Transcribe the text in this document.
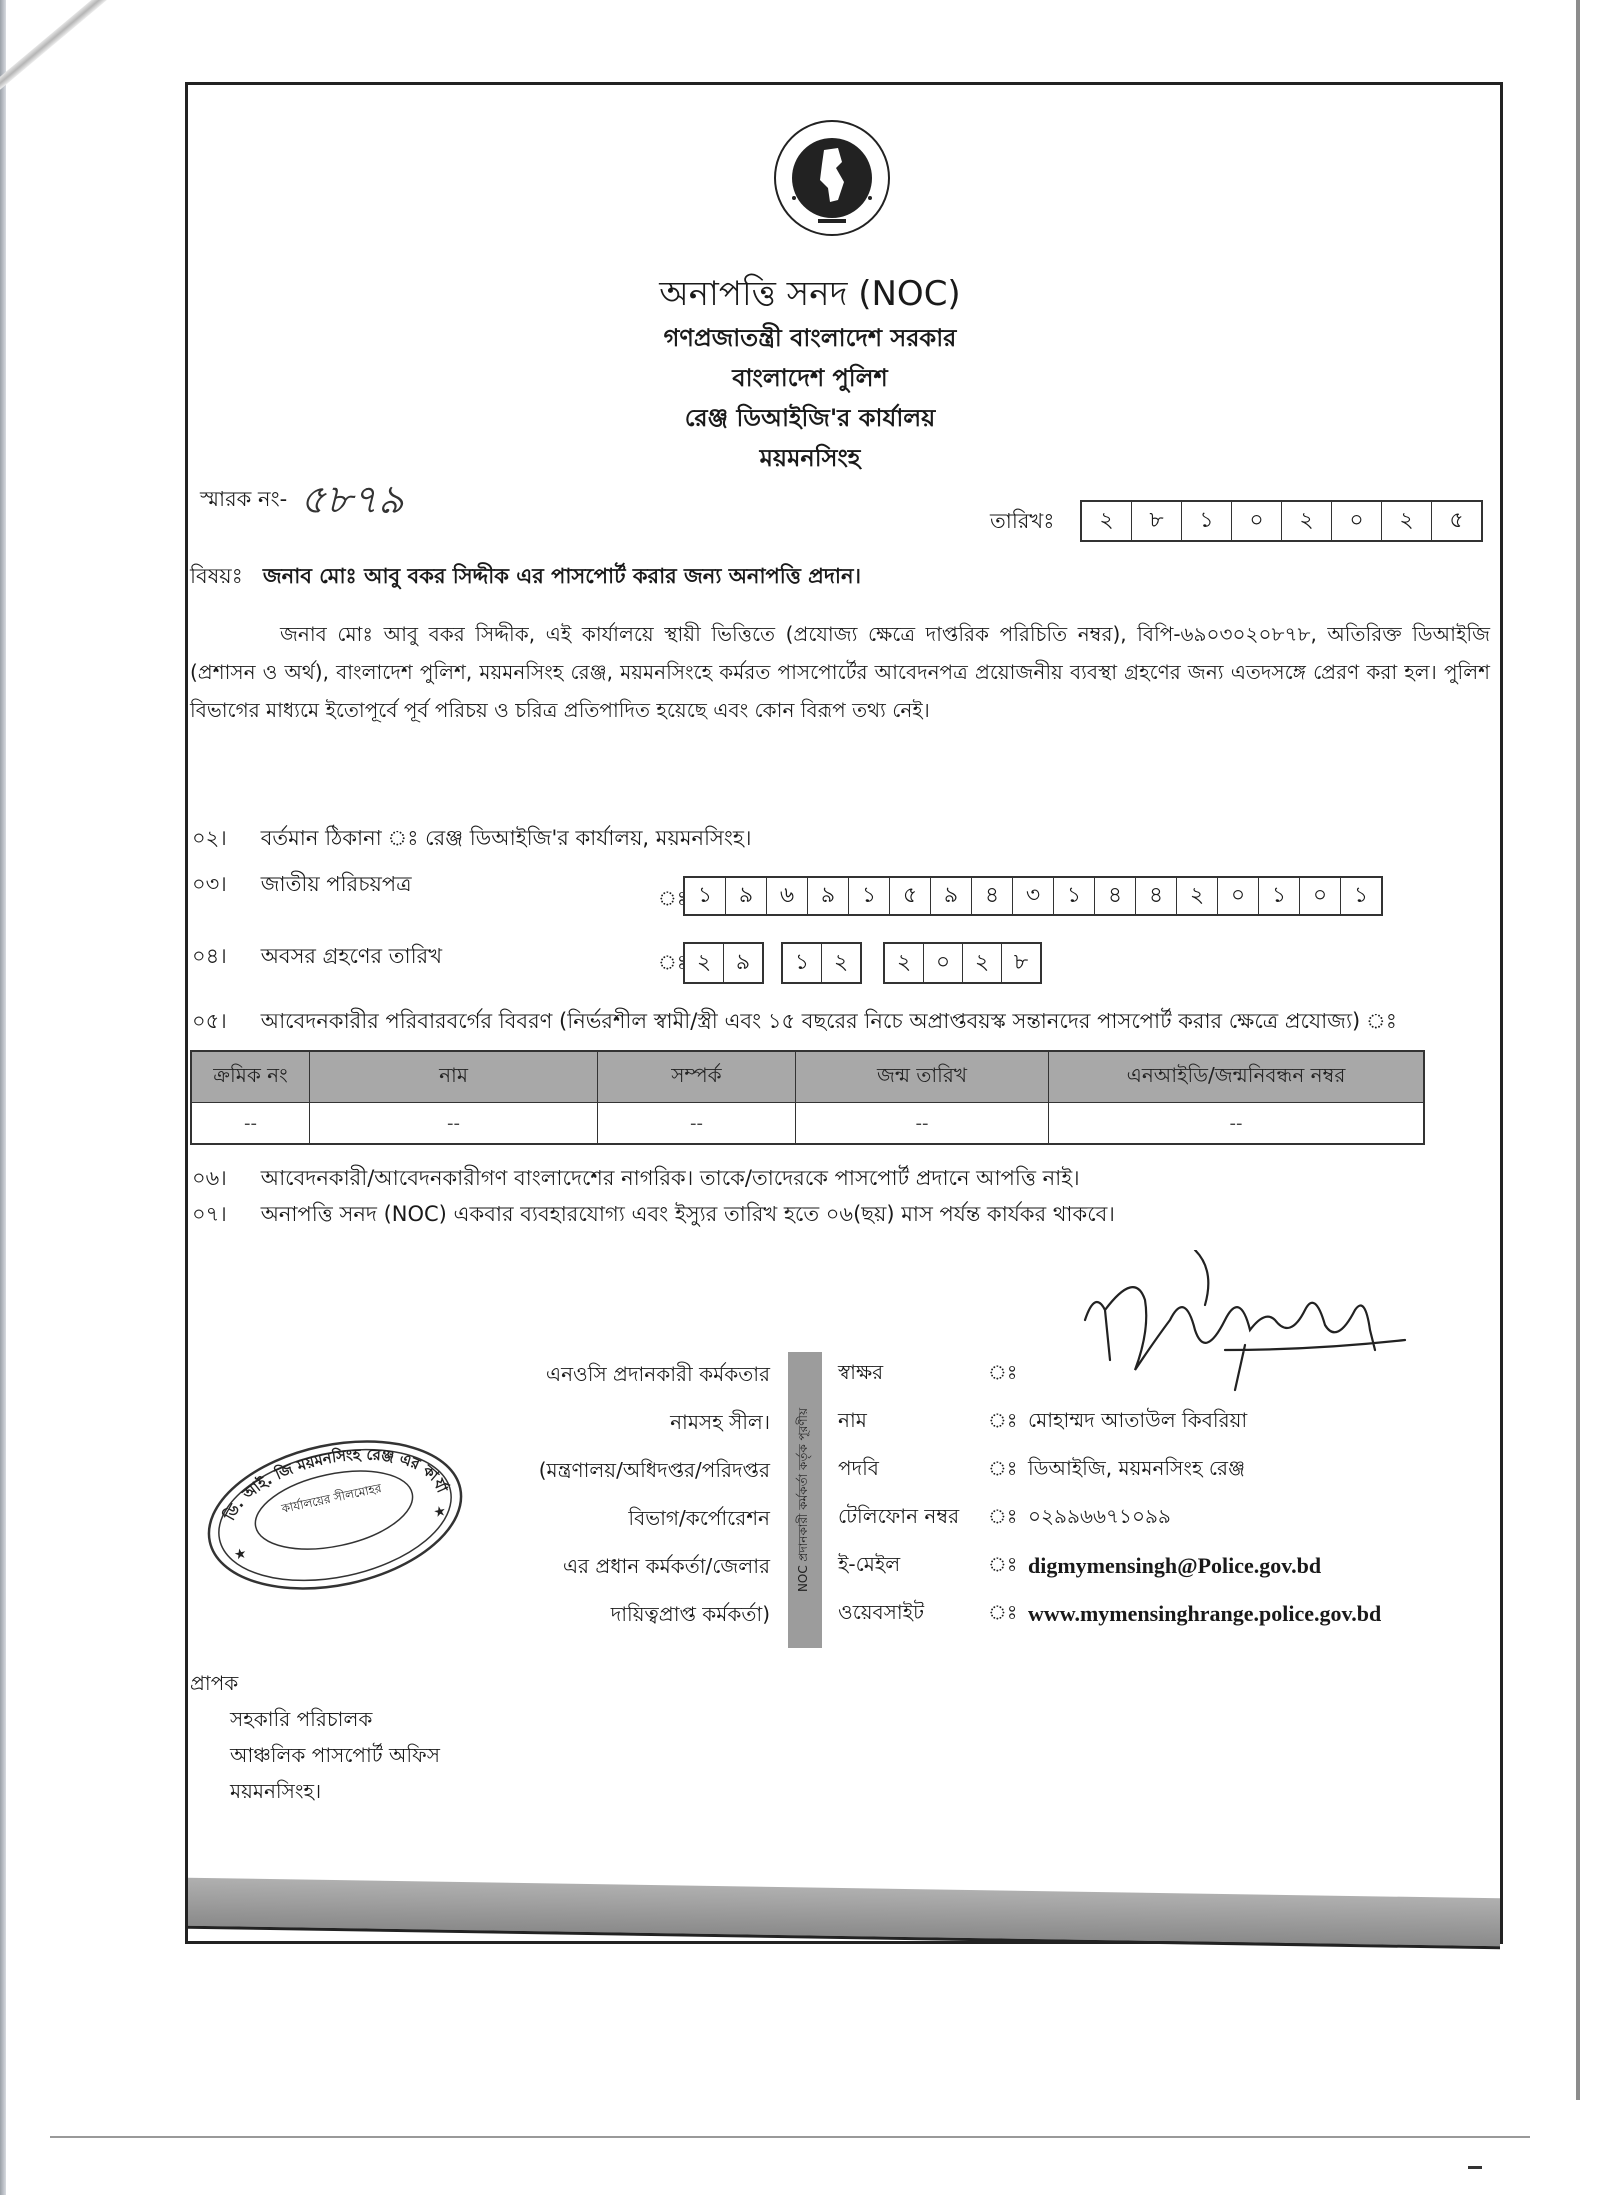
অনাপত্তি সনদ (NOC)
গণপ্রজাতন্ত্রী বাংলাদেশ সরকার
বাংলাদেশ পুলিশ
রেঞ্জ ডিআইজি'র কার্যালয়
ময়মনসিংহ
স্মারক নং- ৫৮৭৯	তারিখঃ	২	৮	১	০	২	০	২	৫
বিষয়ঃ জনাব মোঃ আবু বকর সিদ্দীক এর পাসপোর্ট করার জন্য অনাপত্তি প্রদান।
জনাব মোঃ আবু বকর সিদ্দীক, এই কার্যালয়ে স্থায়ী ভিত্তিতে (প্রযোজ্য ক্ষেত্রে দাপ্তরিক পরিচিতি নম্বর), বিপি-৬৯০৩০২০৮৭৮, অতিরিক্ত ডিআইজি (প্রশাসন ও অর্থ), বাংলাদেশ পুলিশ, ময়মনসিংহ রেঞ্জ, ময়মনসিংহে কর্মরত পাসপোর্টের আবেদনপত্র প্রয়োজনীয় ব্যবস্থা গ্রহণের জন্য এতদসঙ্গে প্রেরণ করা হল। পুলিশ বিভাগের মাধ্যমে ইতোপূর্বে পূর্ব পরিচয় ও চরিত্র প্রতিপাদিত হয়েছে এবং কোন বিরূপ তথ্য নেই।
০২। বর্তমান ঠিকানা ঃ রেঞ্জ ডিআইজি'র কার্যালয়, ময়মনসিংহ।
০৩। জাতীয় পরিচয়পত্র
ঃ ১	৯	৬	৯	১	৫	৯	৪	৩	১	৪	৪	২	০	১	০	১
০৪। অবসর গ্রহণের তারিখ	ঃ ২	৯	১	২	২	০	২	৮
০৫। আবেদনকারীর পরিবারবর্গের বিবরণ (নির্ভরশীল স্বামী/স্ত্রী এবং ১৫ বছরের নিচে অপ্রাপ্তবয়স্ক সন্তানদের পাসপোর্ট করার ক্ষেত্রে প্রযোজ্য) ঃ
ক্রমিক নং	নাম	সম্পর্ক	জন্ম তারিখ	এনআইডি/জন্মনিবন্ধন নম্বর
--	--	--	--	--
০৬। আবেদনকারী/আবেদনকারীগণ বাংলাদেশের নাগরিক। তাকে/তাদেরকে পাসপোর্ট প্রদানে আপত্তি নাই।
০৭। অনাপত্তি সনদ (NOC) একবার ব্যবহারযোগ্য এবং ইস্যুর তারিখ হতে ০৬(ছয়) মাস পর্যন্ত কার্যকর থাকবে।
ডি. আই. জি ময়মনসিংহ রেঞ্জ এর কার্যালয়
কার্যালয়ের সীলমোহর
★
★
এনওসি প্রদানকারী কর্মকতার
নামসহ সীল।
(মন্ত্রণালয়/অধিদপ্তর/পরিদপ্তর
বিভাগ/কর্পোরেশন
এর প্রধান কর্মকর্তা/জেলার
দায়িত্বপ্রাপ্ত কর্মকর্তা)
NOC প্রদানকারী কর্মকর্তা কর্তৃক পূরণীয়
স্বাক্ষর	ঃ
নাম	ঃ মোহাম্মদ আতাউল কিবরিয়া
পদবি	ঃ ডিআইজি, ময়মনসিংহ রেঞ্জ
টেলিফোন নম্বর	ঃ ০২৯৯৬৬৭১০৯৯
ই-মেইল	ঃ digmymensingh@Police.gov.bd
ওয়েবসাইট	ঃ www.mymensinghrange.police.gov.bd
প্রাপক
সহকারি পরিচালক
আঞ্চলিক পাসপোর্ট অফিস
ময়মনসিংহ।
